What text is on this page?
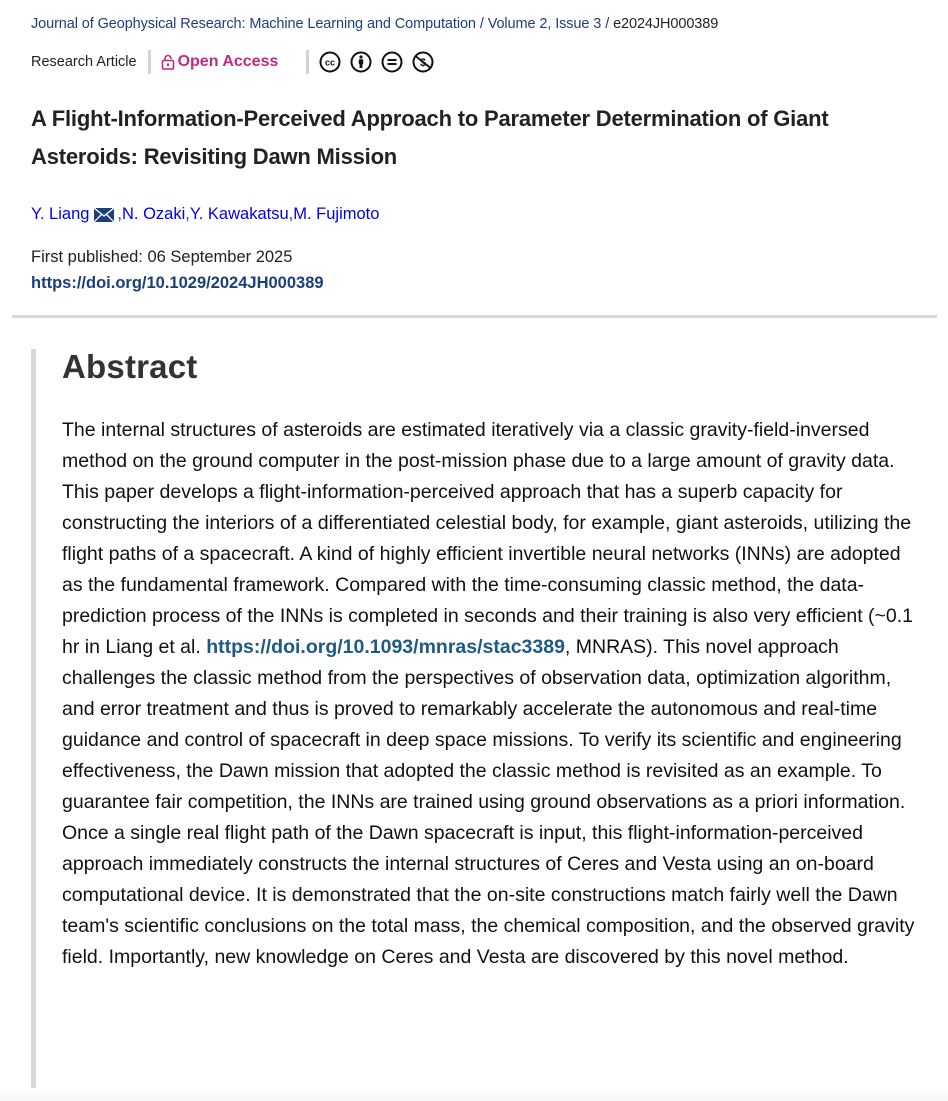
Journal of Geophysical Research: Machine Learning and Computation / Volume 2, Issue 3 / e2024JH000389
Research Article	Open Access	cc	$
A Flight-Information-Perceived Approach to Parameter Determination of Giant Asteroids: Revisiting Dawn Mission
Y. Liang , N. Ozaki , Y. Kawakatsu , M. Fujimoto
First published: 06 September 2025
https://doi.org/10.1029/2024JH000389
Abstract

The internal structures of asteroids are estimated iteratively via a classic gravity-field-inversed method on the ground computer in the post-mission phase due to a large amount of gravity data. This paper develops a flight-information-perceived approach that has a superb capacity for constructing the interiors of a differentiated celestial body, for example, giant asteroids, utilizing the flight paths of a spacecraft. A kind of highly efficient invertible neural networks (INNs) are adopted as the fundamental framework. Compared with the time-consuming classic method, the data-prediction process of the INNs is completed in seconds and their training is also very efficient (~0.1 hr in Liang et al. https://doi.org/10.1093/mnras/stac3389, MNRAS). This novel approach challenges the classic method from the perspectives of observation data, optimization algorithm, and error treatment and thus is proved to remarkably accelerate the autonomous and real-time guidance and control of spacecraft in deep space missions. To verify its scientific and engineering effectiveness, the Dawn mission that adopted the classic method is revisited as an example. To guarantee fair competition, the INNs are trained using ground observations as a priori information. Once a single real flight path of the Dawn spacecraft is input, this flight-information-perceived approach immediately constructs the internal structures of Ceres and Vesta using an on-board computational device. It is demonstrated that the on-site constructions match fairly well the Dawn team's scientific conclusions on the total mass, the chemical composition, and the observed gravity field. Importantly, new knowledge on Ceres and Vesta are discovered by this novel method.
